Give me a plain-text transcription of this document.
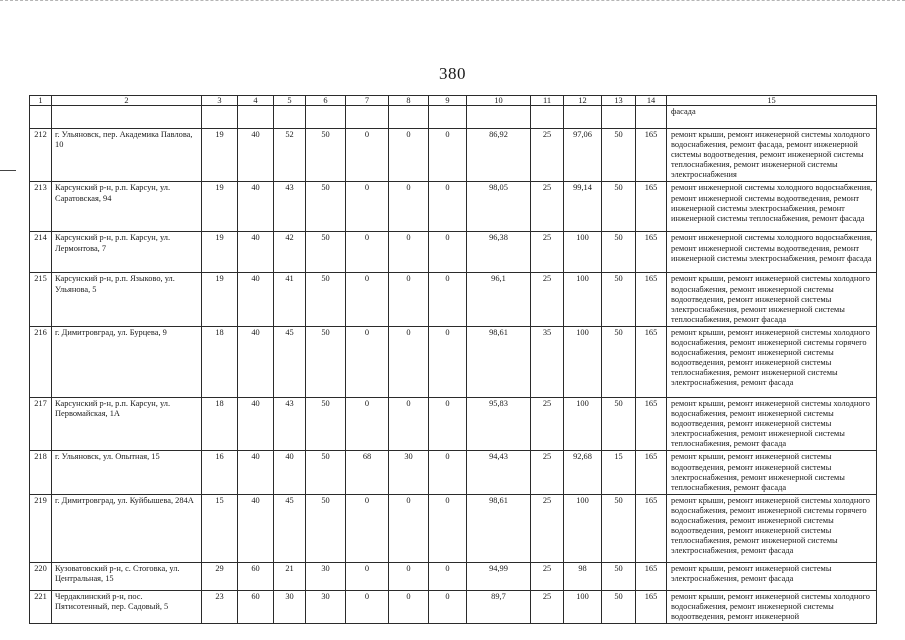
380
1	2	3	4	5	6	7	8	9	10	11	12	13	14	15
														фасада
212	г. Ульяновск, пер. Академика Павлова, 10	19	40	52	50	0	0	0	86,92	25	97,06	50	165	ремонт крыши, ремонт инженерной системы холодного водоснабжения, ремонт фасада, ремонт инженерной системы водоотведения, ремонт инженерной системы теплоснабжения, ремонт инженерной системы электроснабжения
213	Карсунский р-н, р.п. Карсун, ул. Саратовская, 94	19	40	43	50	0	0	0	98,05	25	99,14	50	165	ремонт инженерной системы холодного водоснабжения, ремонт инженерной системы водоотведения, ремонт инженерной системы электроснабжения, ремонт инженерной системы теплоснабжения, ремонт фасада
214	Карсунский р-н, р.п. Карсун, ул. Лермонтова, 7	19	40	42	50	0	0	0	96,38	25	100	50	165	ремонт инженерной системы холодного водоснабжения, ремонт инженерной системы водоотведения, ремонт инженерной системы электроснабжения, ремонт фасада
215	Карсунский р-н, р.п. Языково, ул. Ульянова, 5	19	40	41	50	0	0	0	96,1	25	100	50	165	ремонт крыши, ремонт инженерной системы холодного водоснабжения, ремонт инженерной системы водоотведения, ремонт инженерной системы электроснабжения, ремонт инженерной системы теплоснабжения, ремонт фасада
216	г. Димитровград, ул. Бурцева, 9	18	40	45	50	0	0	0	98,61	35	100	50	165	ремонт крыши, ремонт инженерной системы холодного водоснабжения, ремонт инженерной системы горячего водоснабжения, ремонт инженерной системы водоотведения, ремонт инженерной системы теплоснабжения, ремонт инженерной системы электроснабжения, ремонт фасада
217	Карсунский р-н, р.п. Карсун, ул. Первомайская, 1А	18	40	43	50	0	0	0	95,83	25	100	50	165	ремонт крыши, ремонт инженерной системы холодного водоснабжения, ремонт инженерной системы водоотведения, ремонт инженерной системы электроснабжения, ремонт инженерной системы теплоснабжения, ремонт фасада
218	г. Ульяновск, ул. Опытная, 15	16	40	40	50	68	30	0	94,43	25	92,68	15	165	ремонт крыши, ремонт инженерной системы водоотведения, ремонт инженерной системы электроснабжения, ремонт инженерной системы теплоснабжения, ремонт фасада
219	г. Димитровград, ул. Куйбышева, 284А	15	40	45	50	0	0	0	98,61	25	100	50	165	ремонт крыши, ремонт инженерной системы холодного водоснабжения, ремонт инженерной системы горячего водоснабжения, ремонт инженерной системы водоотведения, ремонт инженерной системы теплоснабжения, ремонт инженерной системы электроснабжения, ремонт фасада
220	Кузоватовский р-н, с. Стоговка, ул. Центральная, 15	29	60	21	30	0	0	0	94,99	25	98	50	165	ремонт крыши, ремонт инженерной системы электроснабжения, ремонт фасада
221	Чердаклинский р-н, пос. Пятисотенный, пер. Садовый, 5	23	60	30	30	0	0	0	89,7	25	100	50	165	ремонт крыши, ремонт инженерной системы холодного водоснабжения, ремонт инженерной системы водоотведения, ремонт инженерной
